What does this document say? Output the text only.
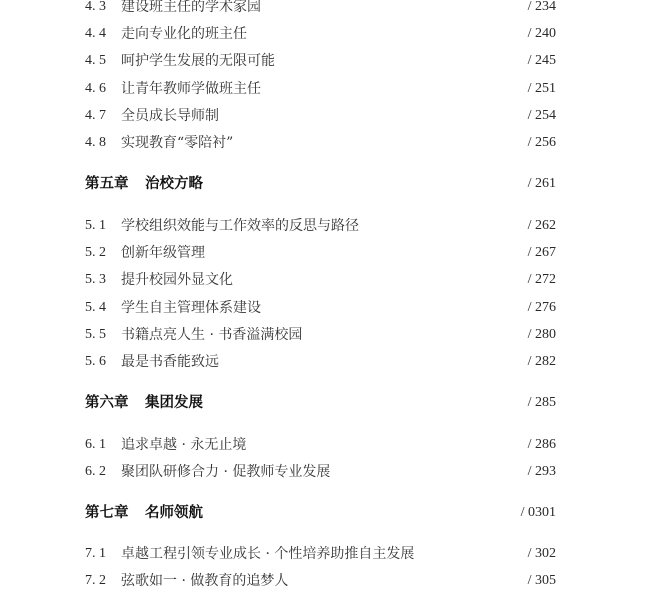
4. 3 建设班主任的学术家园	/ 234
4. 4 走向专业化的班主任	/ 240
4. 5 呵护学生发展的无限可能	/ 245
4. 6 让青年教师学做班主任	/ 251
4. 7 全员成长导师制	/ 254
4. 8 实现教育“零陪衬”	/ 256
第五章 治校方略	/ 261
5. 1 学校组织效能与工作效率的反思与路径	/ 262
5. 2 创新年级管理	/ 267
5. 3 提升校园外显文化	/ 272
5. 4 学生自主管理体系建设	/ 276
5. 5 书籍点亮人生 · 书香溢满校园	/ 280
5. 6 最是书香能致远	/ 282
第六章 集团发展	/ 285
6. 1 追求卓越 · 永无止境	/ 286
6. 2 聚团队研修合力 · 促教师专业发展	/ 293
第七章 名师领航	/ 0301
7. 1 卓越工程引领专业成长 · 个性培养助推自主发展	/ 302
7. 2 弦歌如一 · 做教育的追梦人	/ 305
